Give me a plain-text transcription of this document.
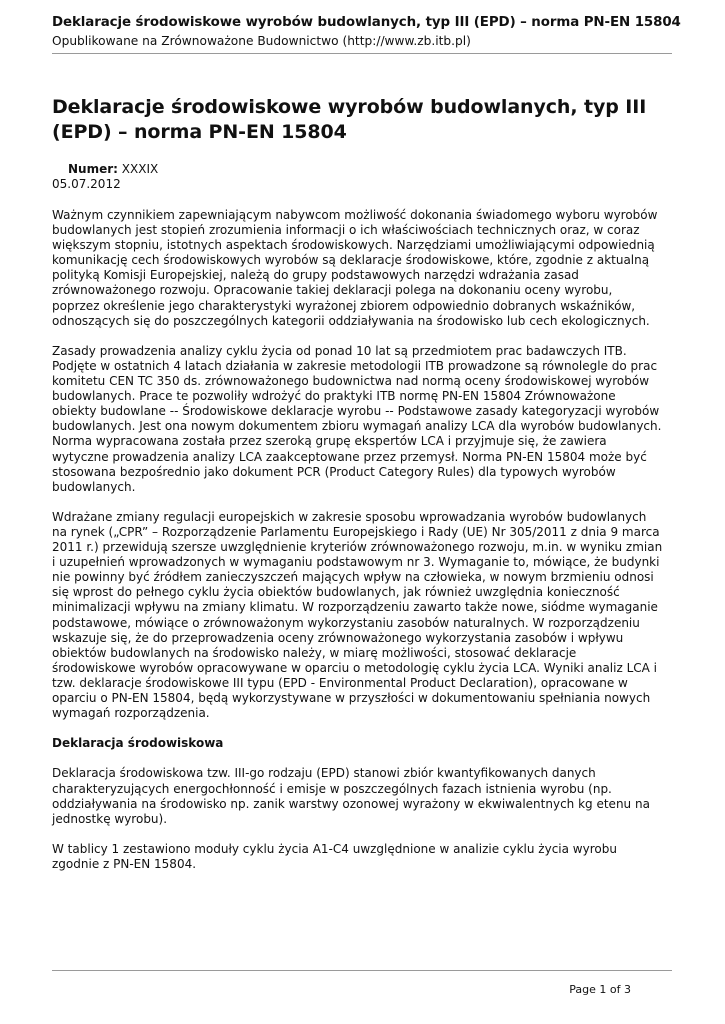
Deklaracje środowiskowe wyrobów budowlanych, typ III (EPD) – norma PN-EN 15804
Opublikowane na Zrównoważone Budownictwo (http://www.zb.itb.pl)
Deklaracje środowiskowe wyrobów budowlanych, typ III (EPD) – norma PN-EN 15804
Numer: XXXIX
05.07.2012

Ważnym czynnikiem zapewniającym nabywcom możliwość dokonania świadomego wyboru wyrobów
budowlanych jest stopień zrozumienia informacji o ich właściwościach technicznych oraz, w coraz
większym stopniu, istotnych aspektach środowiskowych. Narzędziami umożliwiającymi odpowiednią
komunikację cech środowiskowych wyrobów są deklaracje środowiskowe, które, zgodnie z aktualną
polityką Komisji Europejskiej, należą do grupy podstawowych narzędzi wdrażania zasad
zrównoważonego rozwoju. Opracowanie takiej deklaracji polega na dokonaniu oceny wyrobu,
poprzez określenie jego charakterystyki wyrażonej zbiorem odpowiednio dobranych wskaźników,
odnoszących się do poszczególnych kategorii oddziaływania na środowisko lub cech ekologicznych.

Zasady prowadzenia analizy cyklu życia od ponad 10 lat są przedmiotem prac badawczych ITB.
Podjęte w ostatnich 4 latach działania w zakresie metodologii ITB prowadzone są równolegle do prac
komitetu CEN TC 350 ds. zrównoważonego budownictwa nad normą oceny środowiskowej wyrobów
budowlanych. Prace te pozwoliły wdrożyć do praktyki ITB normę PN-EN 15804 Zrównoważone
obiekty budowlane -- Środowiskowe deklaracje wyrobu -- Podstawowe zasady kategoryzacji wyrobów
budowlanych. Jest ona nowym dokumentem zbioru wymagań analizy LCA dla wyrobów budowlanych.
Norma wypracowana została przez szeroką grupę ekspertów LCA i przyjmuje się, że zawiera
wytyczne prowadzenia analizy LCA zaakceptowane przez przemysł. Norma PN-EN 15804 może być
stosowana bezpośrednio jako dokument PCR (Product Category Rules) dla typowych wyrobów
budowlanych.

Wdrażane zmiany regulacji europejskich w zakresie sposobu wprowadzania wyrobów budowlanych
na rynek („CPR” – Rozporządzenie Parlamentu Europejskiego i Rady (UE) Nr 305/2011 z dnia 9 marca
2011 r.) przewidują szersze uwzględnienie kryteriów zrównoważonego rozwoju, m.in. w wyniku zmian
i uzupełnień wprowadzonych w wymaganiu podstawowym nr 3. Wymaganie to, mówiące, że budynki
nie powinny być źródłem zanieczyszczeń mających wpływ na człowieka, w nowym brzmieniu odnosi
się wprost do pełnego cyklu życia obiektów budowlanych, jak również uwzględnia konieczność
minimalizacji wpływu na zmiany klimatu. W rozporządzeniu zawarto także nowe, siódme wymaganie
podstawowe, mówiące o zrównoważonym wykorzystaniu zasobów naturalnych. W rozporządzeniu
wskazuje się, że do przeprowadzenia oceny zrównoważonego wykorzystania zasobów i wpływu
obiektów budowlanych na środowisko należy, w miarę możliwości, stosować deklaracje
środowiskowe wyrobów opracowywane w oparciu o metodologię cyklu życia LCA. Wyniki analiz LCA i
tzw. deklaracje środowiskowe III typu (EPD - Environmental Product Declaration), opracowane w
oparciu o PN-EN 15804, będą wykorzystywane w przyszłości w dokumentowaniu spełniania nowych
wymagań rozporządzenia.

Deklaracja środowiskowa

Deklaracja środowiskowa tzw. III-go rodzaju (EPD) stanowi zbiór kwantyfikowanych danych
charakteryzujących energochłonność i emisje w poszczególnych fazach istnienia wyrobu (np.
oddziaływania na środowisko np. zanik warstwy ozonowej wyrażony w ekwiwalentnych kg etenu na
jednostkę wyrobu).

W tablicy 1 zestawiono moduły cyklu życia A1-C4 uwzględnione w analizie cyklu życia wyrobu
zgodnie z PN-EN 15804.

Page 1 of 3
